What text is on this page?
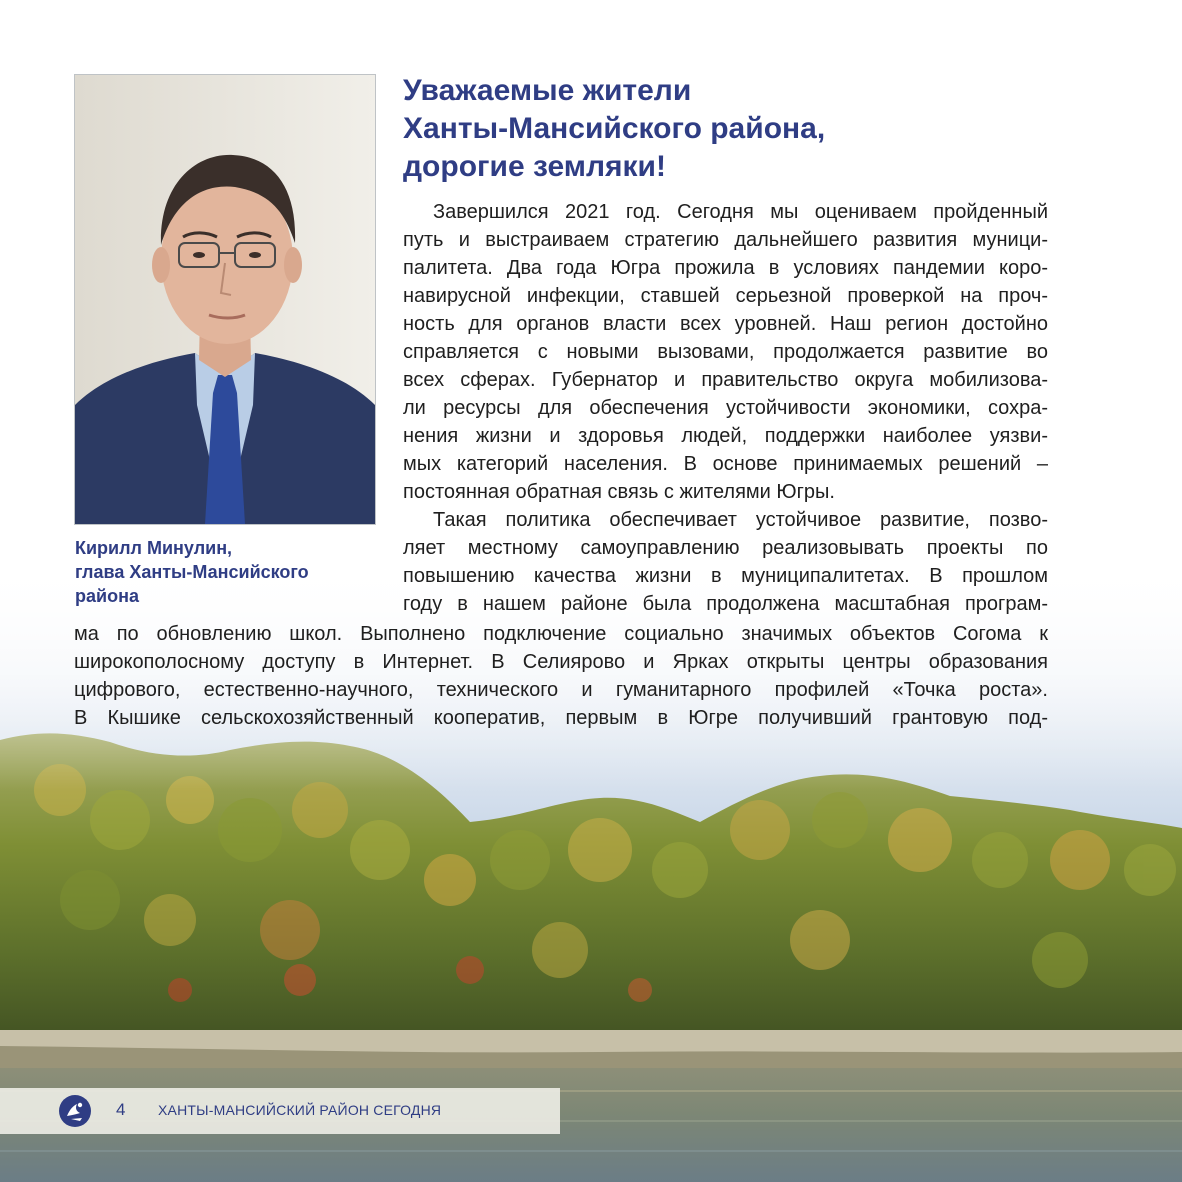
Кирилл Минулин,
глава Ханты-Мансийского
района

Уважаемые жители
Ханты-Мансийского района,
дорогие земляки!
Завершился 2021 год. Сегодня мы оцениваем пройденный
путь и выстраиваем стратегию дальнейшего развития муници-
палитета. Два года Югра прожила в условиях пандемии коро-
навирусной инфекции, ставшей серьезной проверкой на проч-
ность для органов власти всех уровней. Наш регион достойно
справляется с новыми вызовами, продолжается развитие во
всех сферах. Губернатор и правительство округа мобилизова-
ли ресурсы для обеспечения устойчивости экономики, сохра-
нения жизни и здоровья людей, поддержки наиболее уязви-
мых категорий населения. В основе принимаемых решений –
постоянная обратная связь с жителями Югры.
Такая политика обеспечивает устойчивое развитие, позво-
ляет местному самоуправлению реализовывать проекты по
повышению качества жизни в муниципалитетах. В прошлом
году в нашем районе была продолжена масштабная програм-
ма по обновлению школ. Выполнено подключение социально значимых объектов Согома к
широкополосному доступу в Интернет. В Селиярово и Ярках открыты центры образования
цифрового, естественно-научного, технического и гуманитарного профилей «Точка роста».
В Кышике сельскохозяйственный кооператив, первым в Югре получивший грантовую под-
4 ХАНТЫ-МАНСИЙСКИЙ РАЙОН СЕГОДНЯ
